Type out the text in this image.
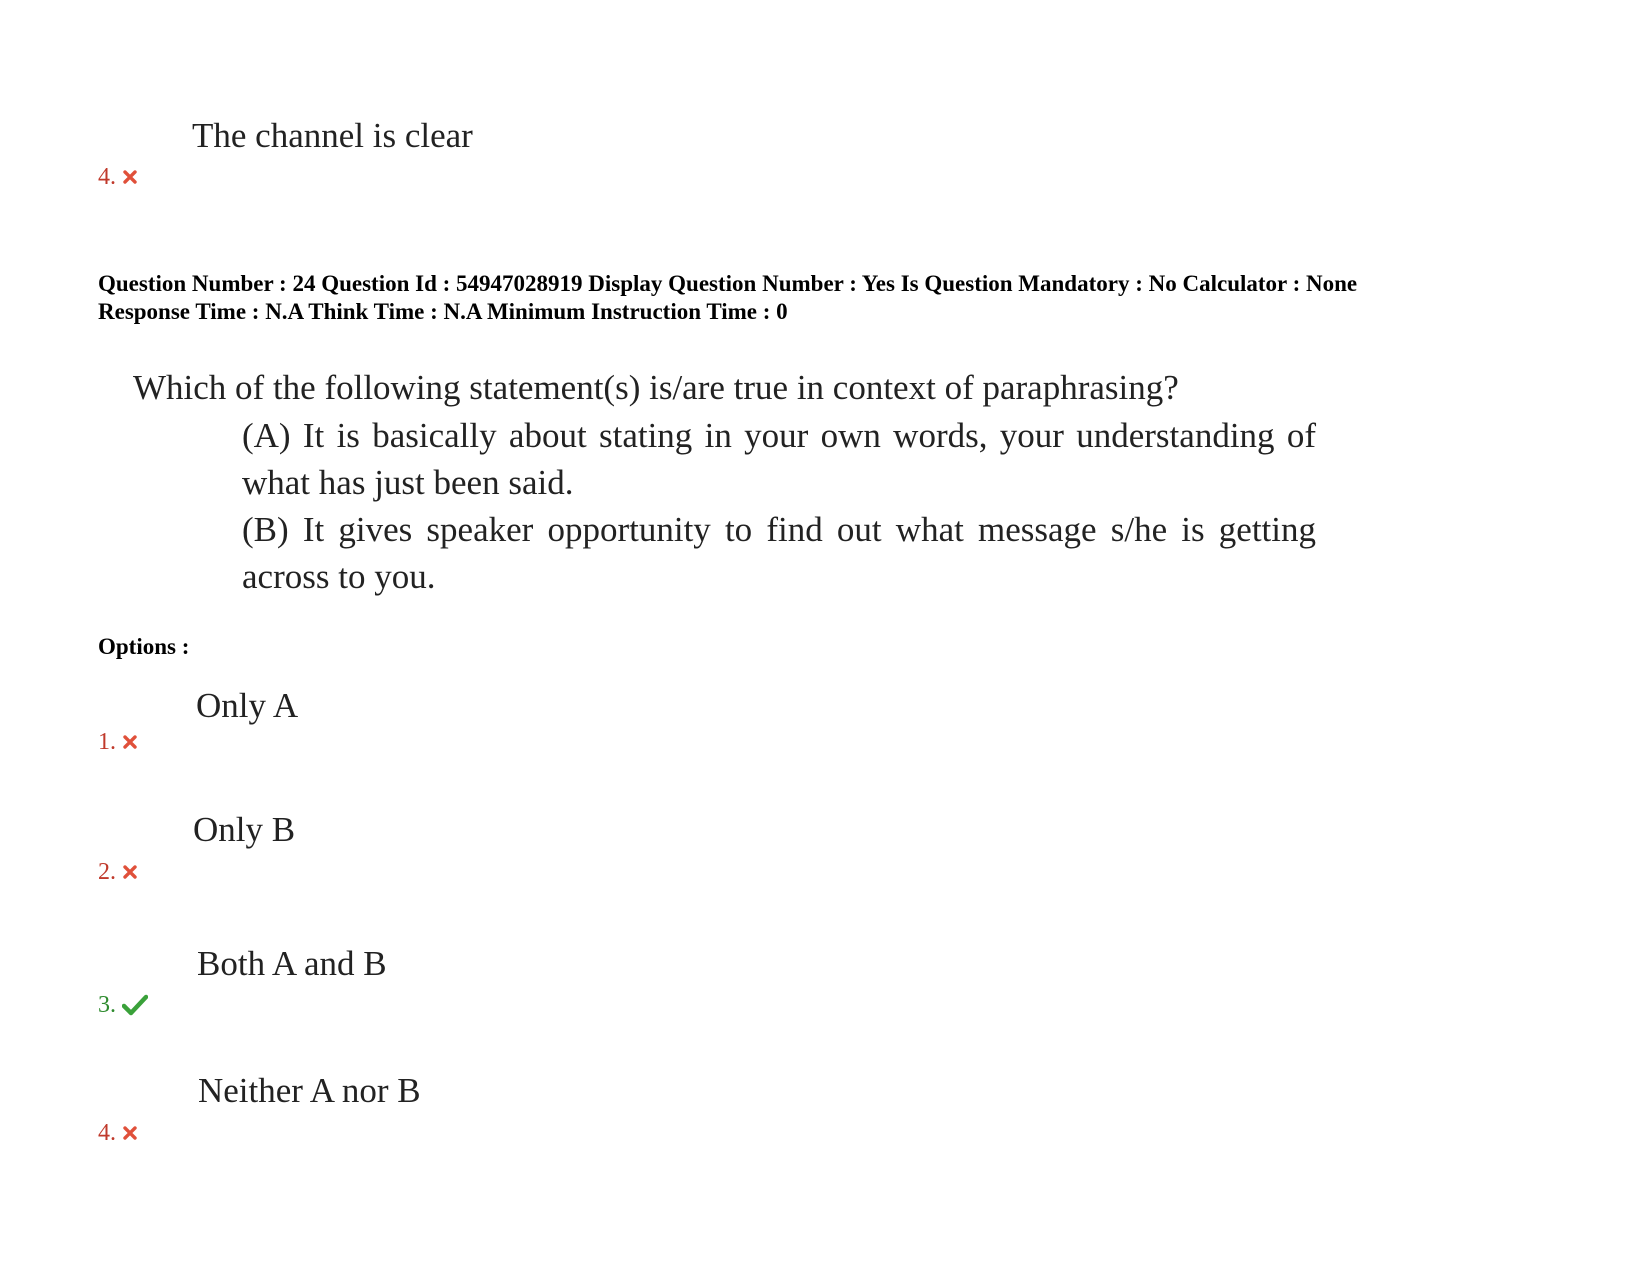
The channel is clear
4.
Question Number : 24 Question Id : 54947028919 Display Question Number : Yes Is Question Mandatory : No Calculator : None
Response Time : N.A Think Time : N.A Minimum Instruction Time : 0
Which of the following statement(s) is/are true in context of paraphrasing?
(A) It is basically about stating in your own words, your understanding of what has just been said.
(B) It gives speaker opportunity to find out what message s/he is getting across to you.
Options :
Only A
1.
Only B
2.
Both A and B
3.
Neither A nor B
4.
